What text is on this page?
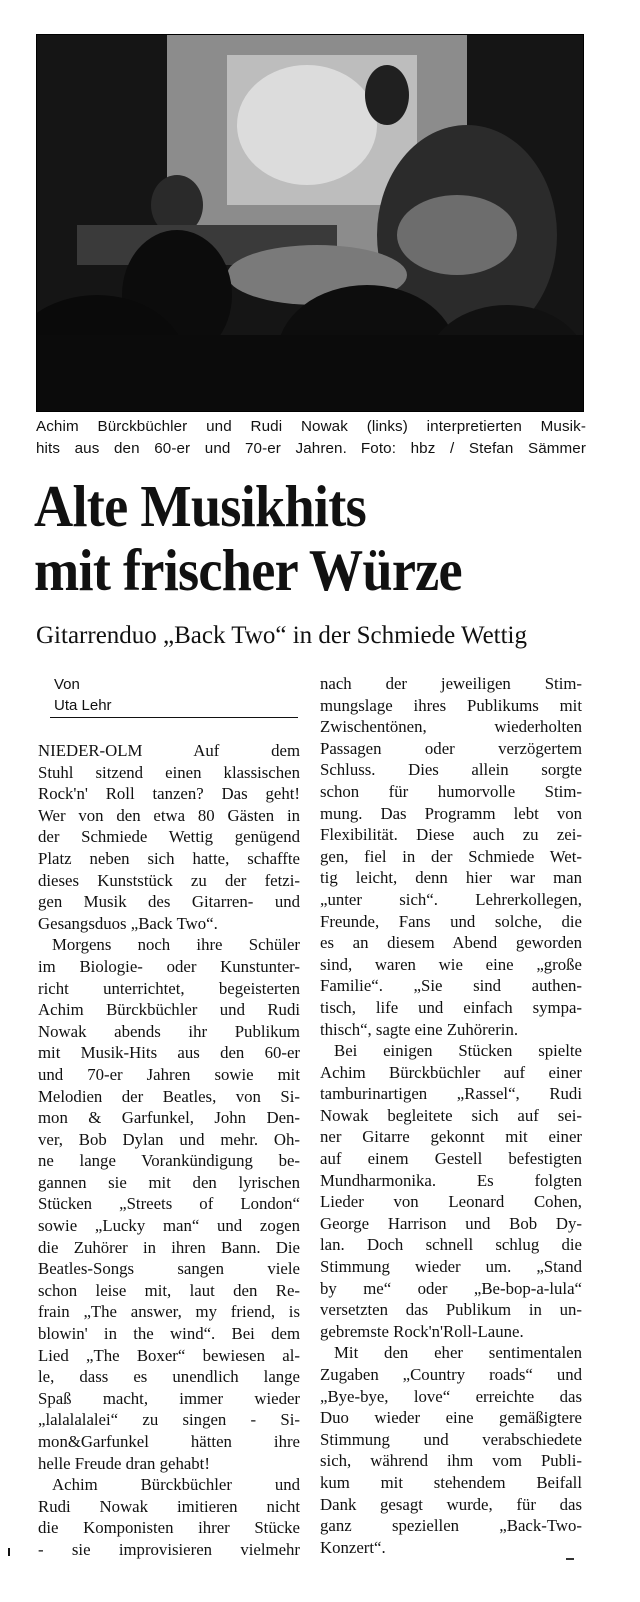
Achim Bürckbüchler und Rudi Nowak (links) interpretierten Musik-
hits aus den 60-er und 70-er Jahren. Foto: hbz / Stefan Sämmer
Alte Musikhits
mit frischer Würze
Gitarrenduo „Back Two“ in der Schmiede Wettig
Von
Uta Lehr
NIEDER-OLM Auf dem
Stuhl sitzend einen klassischen
Rock'n' Roll tanzen? Das geht!
Wer von den etwa 80 Gästen in
der Schmiede Wettig genügend
Platz neben sich hatte, schaffte
dieses Kunststück zu der fetzi-
gen Musik des Gitarren- und
Gesangsduos „Back Two“.
Morgens noch ihre Schüler
im Biologie- oder Kunstunter-
richt unterrichtet, begeisterten
Achim Bürckbüchler und Rudi
Nowak abends ihr Publikum
mit Musik-Hits aus den 60-er
und 70-er Jahren sowie mit
Melodien der Beatles, von Si-
mon & Garfunkel, John Den-
ver, Bob Dylan und mehr. Oh-
ne lange Vorankündigung be-
gannen sie mit den lyrischen
Stücken „Streets of London“
sowie „Lucky man“ und zogen
die Zuhörer in ihren Bann. Die
Beatles-Songs sangen viele
schon leise mit, laut den Re-
frain „The answer, my friend, is
blowin' in the wind“. Bei dem
Lied „The Boxer“ bewiesen al-
le, dass es unendlich lange
Spaß macht, immer wieder
„lalalalalei“ zu singen - Si-
mon&Garfunkel hätten ihre
helle Freude dran gehabt!
Achim Bürckbüchler und
Rudi Nowak imitieren nicht
die Komponisten ihrer Stücke
- sie improvisieren vielmehr
nach der jeweiligen Stim-
mungslage ihres Publikums mit
Zwischentönen, wiederholten
Passagen oder verzögertem
Schluss. Dies allein sorgte
schon für humorvolle Stim-
mung. Das Programm lebt von
Flexibilität. Diese auch zu zei-
gen, fiel in der Schmiede Wet-
tig leicht, denn hier war man
„unter sich“. Lehrerkollegen,
Freunde, Fans und solche, die
es an diesem Abend geworden
sind, waren wie eine „große
Familie“. „Sie sind authen-
tisch, life und einfach sympa-
thisch“, sagte eine Zuhörerin.
Bei einigen Stücken spielte
Achim Bürckbüchler auf einer
tamburinartigen „Rassel“, Rudi
Nowak begleitete sich auf sei-
ner Gitarre gekonnt mit einer
auf einem Gestell befestigten
Mundharmonika. Es folgten
Lieder von Leonard Cohen,
George Harrison und Bob Dy-
lan. Doch schnell schlug die
Stimmung wieder um. „Stand
by me“ oder „Be-bop-a-lula“
versetzten das Publikum in un-
gebremste Rock'n'Roll-Laune.
Mit den eher sentimentalen
Zugaben „Country roads“ und
„Bye-bye, love“ erreichte das
Duo wieder eine gemäßigtere
Stimmung und verabschiedete
sich, während ihm vom Publi-
kum mit stehendem Beifall
Dank gesagt wurde, für das
ganz speziellen „Back-Two-
Konzert“.
